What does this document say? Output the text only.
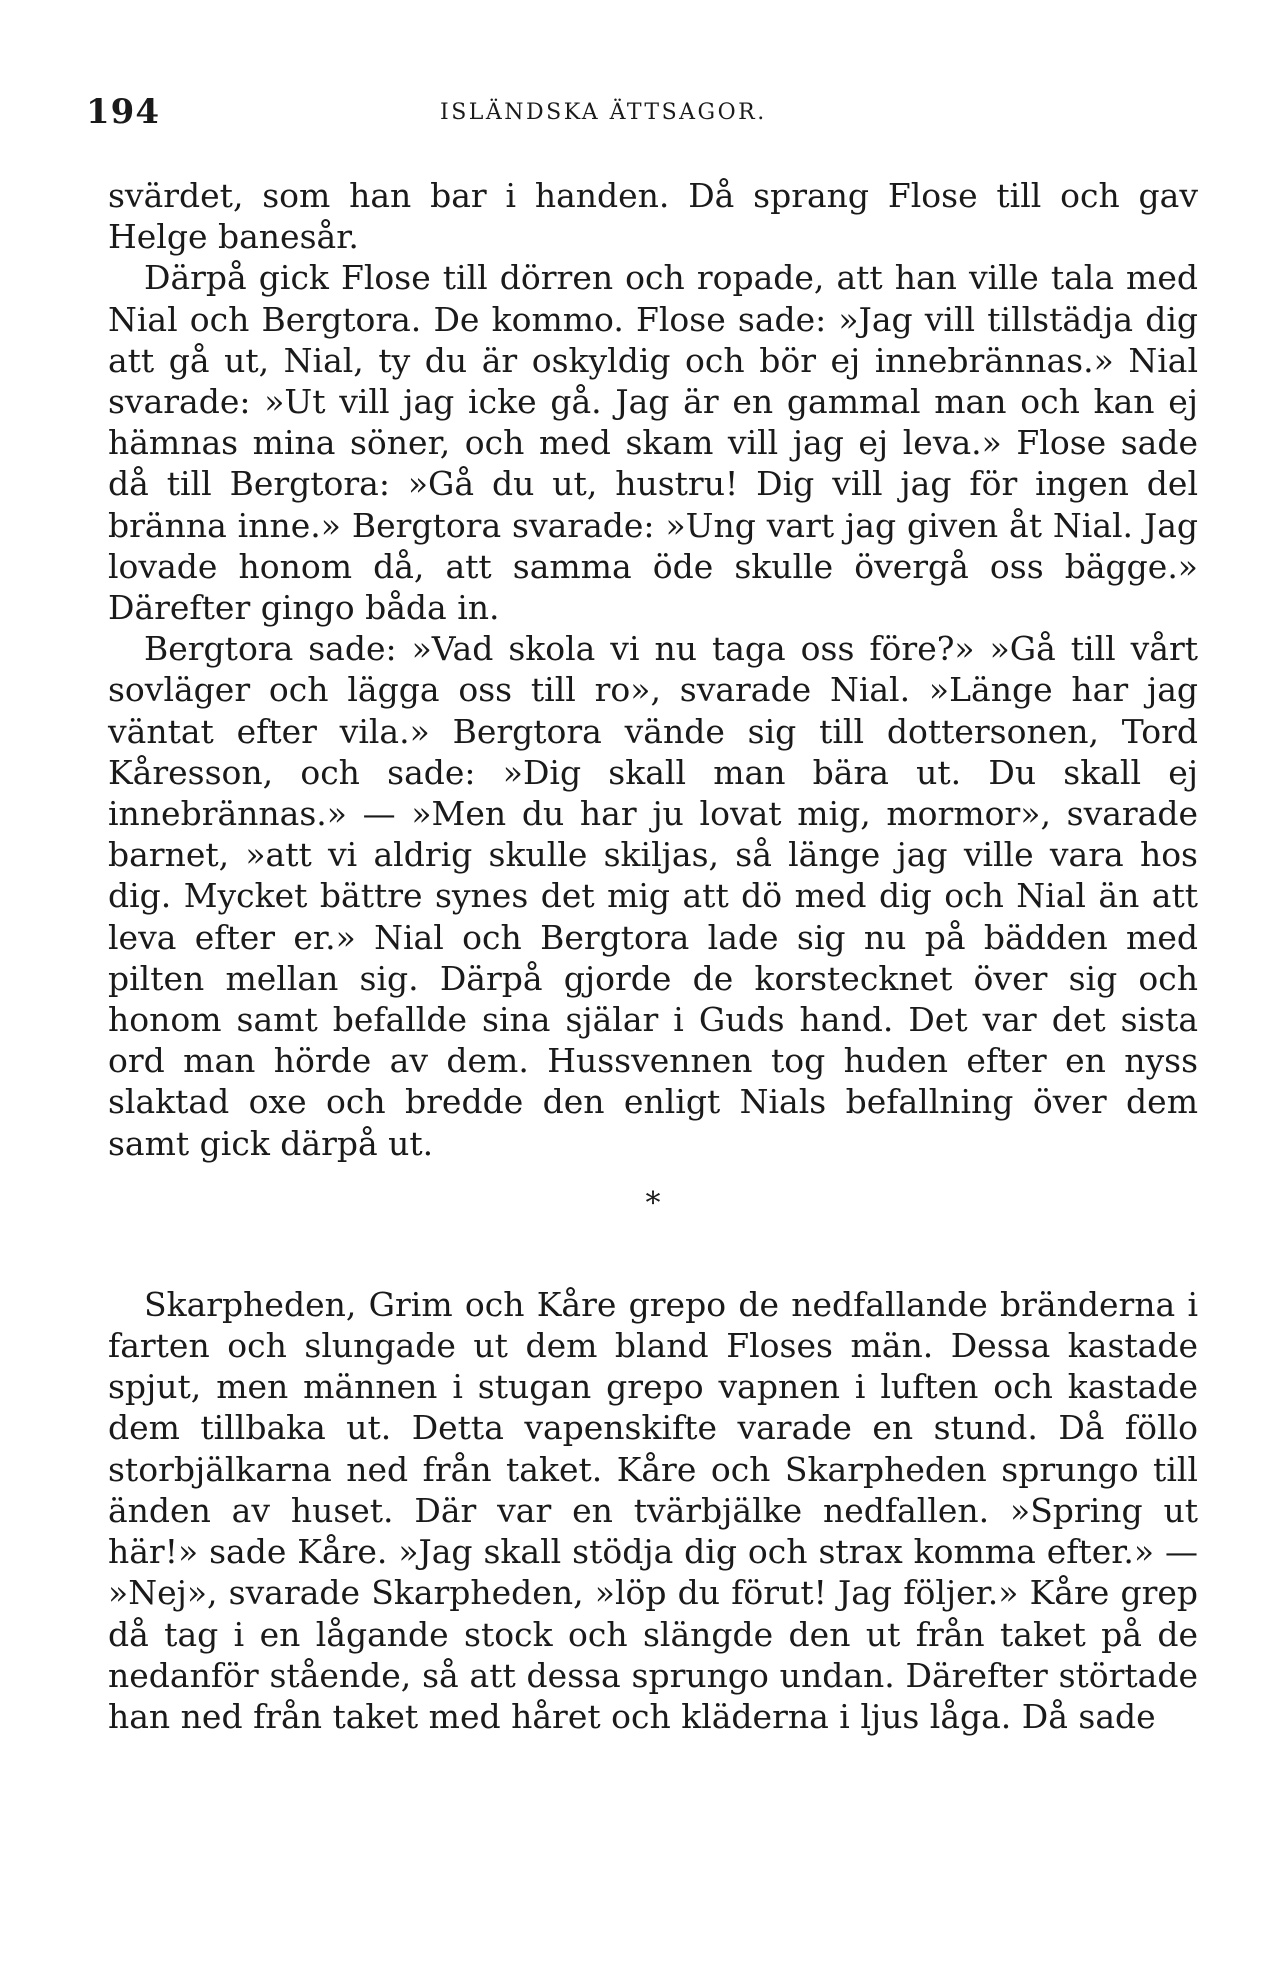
194	ISLÄNDSKA ÄTTSAGOR.

svärdet, som han bar i handen. Då sprang Flose till och gav Helge banesår.

Därpå gick Flose till dörren och ropade, att han ville tala med Nial och Bergtora. De kommo. Flose sade: »Jag vill tillstädja dig att gå ut, Nial, ty du är oskyldig och bör ej innebrännas.» Nial svarade: »Ut vill jag icke gå. Jag är en gammal man och kan ej hämnas mina söner, och med skam vill jag ej leva.» Flose sade då till Bergtora: »Gå du ut, hustru! Dig vill jag för ingen del bränna inne.» Bergtora svarade: »Ung vart jag given åt Nial. Jag lovade honom då, att samma öde skulle övergå oss bägge.» Därefter gingo båda in.

Bergtora sade: »Vad skola vi nu taga oss före?» »Gå till vårt sovläger och lägga oss till ro», svarade Nial. »Länge har jag väntat efter vila.» Bergtora vände sig till dottersonen, Tord Kåresson, och sade: »Dig skall man bära ut. Du skall ej innebrännas.» — »Men du har ju lovat mig, mormor», svarade barnet, »att vi aldrig skulle skiljas, så länge jag ville vara hos dig. Mycket bättre synes det mig att dö med dig och Nial än att leva efter er.» Nial och Bergtora lade sig nu på bädden med pilten mellan sig. Därpå gjorde de korstecknet över sig och honom samt befallde sina själar i Guds hand. Det var det sista ord man hörde av dem. Hussvennen tog huden efter en nyss slaktad oxe och bredde den enligt Nials befallning över dem samt gick därpå ut.

*

Skarpheden, Grim och Kåre grepo de nedfallande bränderna i farten och slungade ut dem bland Floses män. Dessa kastade spjut, men männen i stugan grepo vapnen i luften och kastade dem tillbaka ut. Detta vapenskifte varade en stund. Då föllo storbjälkarna ned från taket. Kåre och Skarpheden sprungo till änden av huset. Där var en tvärbjälke nedfallen. »Spring ut här!» sade Kåre. »Jag skall stödja dig och strax komma efter.» — »Nej», svarade Skarpheden, »löp du förut! Jag följer.» Kåre grep då tag i en lågande stock och slängde den ut från taket på de nedanför stående, så att dessa sprungo undan. Därefter störtade han ned från taket med håret och kläderna i ljus låga. Då sade
